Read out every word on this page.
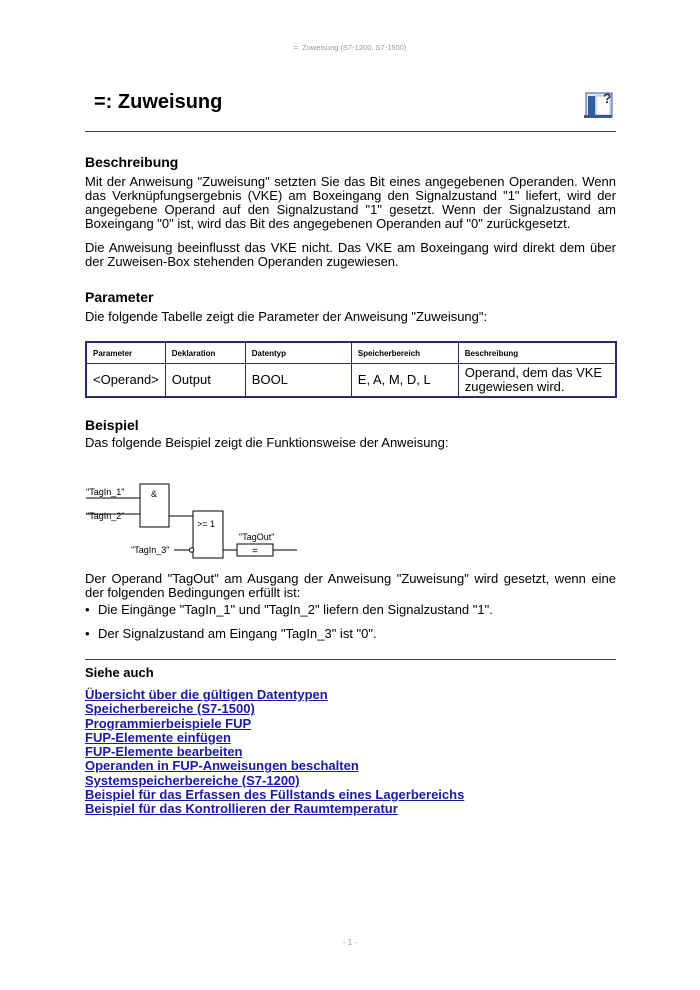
=: Zuweisung (S7-1200, S7-1500)
=: Zuweisung	?
Beschreibung

Mit der Anweisung "Zuweisung" setzten Sie das Bit eines angegebenen Operanden. Wenn das Verknüpfungsergebnis (VKE) am Boxeingang den Signalzustand "1" liefert, wird der angegebene Operand auf den Signalzustand "1" gesetzt. Wenn der Signalzustand am Boxeingang "0" ist, wird das Bit des angegebenen Operanden auf "0" zurückgesetzt.

Die Anweisung beeinflusst das VKE nicht. Das VKE am Boxeingang wird direkt dem über der Zuweisen-Box stehenden Operanden zugewiesen.

Parameter

Die folgende Tabelle zeigt die Parameter der Anweisung "Zuweisung":

Parameter	Deklaration	Datentyp	Speicherbereich	Beschreibung
<Operand>	Output	BOOL	E, A, M, D, L	Operand, dem das VKE zugewiesen wird.
Beispiel

Das folgende Beispiel zeigt die Funktionsweise der Anweisung:

"TagIn_1"
"TagIn_2"
"TagIn_3"
&
>= 1
"TagOut"
=

Der Operand "TagOut" am Ausgang der Anweisung "Zuweisung" wird gesetzt, wenn eine der folgenden Bedingungen erfüllt ist:

• Die Eingänge "TagIn_1" und "TagIn_2" liefern den Signalzustand "1".
• Der Signalzustand am Eingang "TagIn_3" ist "0".
Siehe auch
Übersicht über die gültigen Datentypen
Speicherbereiche (S7-1500)
Programmierbeispiele FUP
FUP-Elemente einfügen
FUP-Elemente bearbeiten
Operanden in FUP-Anweisungen beschalten
Systemspeicherbereiche (S7-1200)
Beispiel für das Erfassen des Füllstands eines Lagerbereichs
Beispiel für das Kontrollieren der Raumtemperatur
- 1 -
